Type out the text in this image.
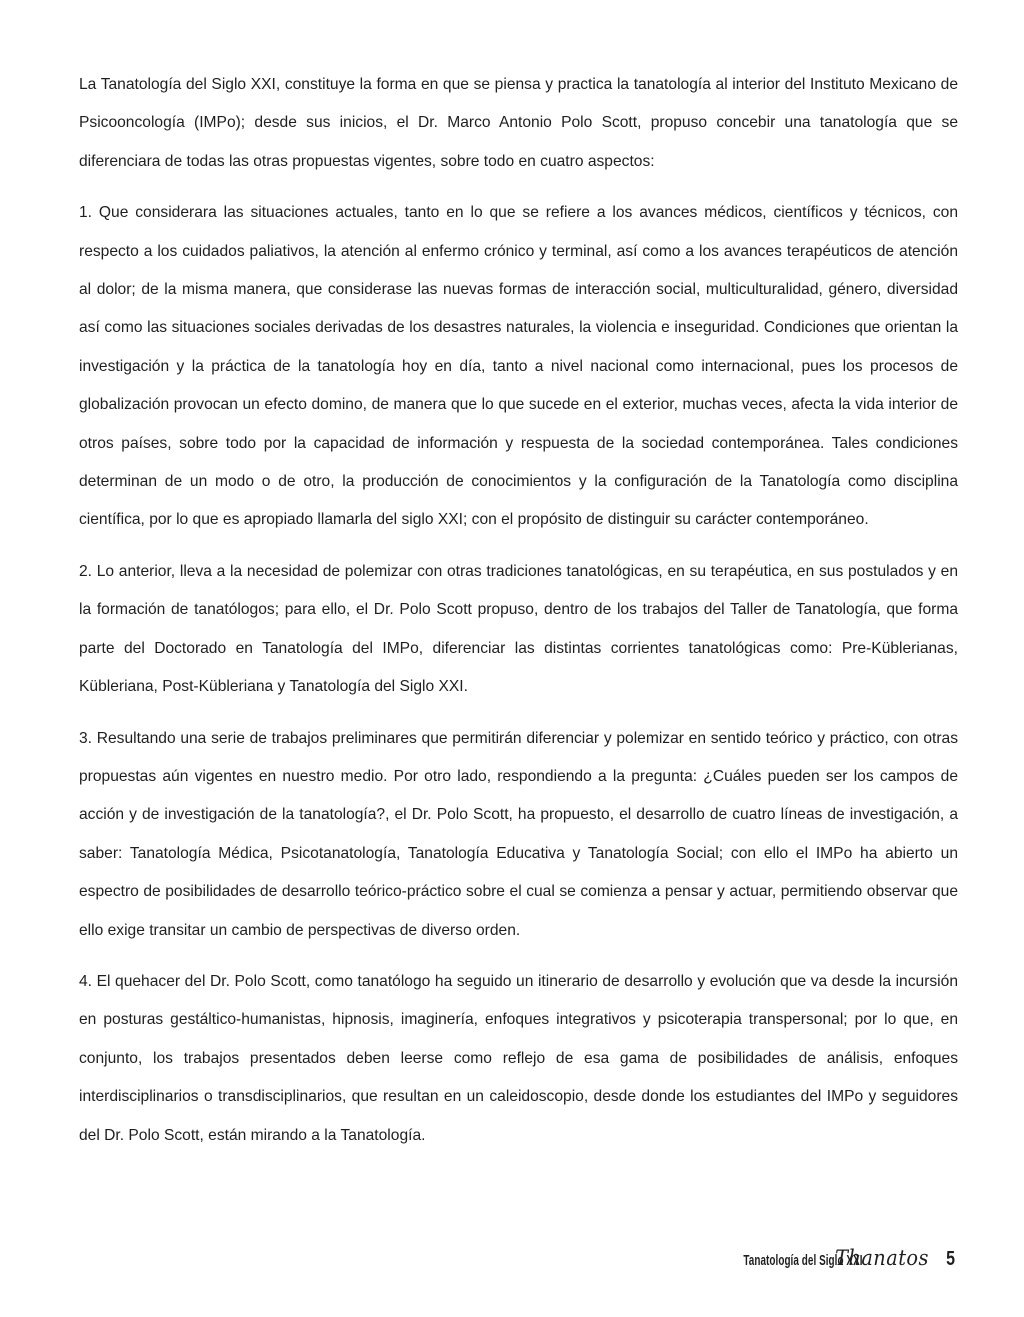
La Tanatología del Siglo XXI, constituye la forma en que se piensa y practica la tanatología al interior del Instituto Mexicano de Psicooncología (IMPo); desde sus inicios, el Dr. Marco Antonio Polo Scott, propuso concebir una tanatología que se diferenciara de todas las otras propuestas vigentes, sobre todo en cuatro aspectos:

1. Que considerara las situaciones actuales, tanto en lo que se refiere a los avances médicos, científicos y técnicos, con respecto a los cuidados paliativos, la atención al enfermo crónico y terminal, así como a los avances terapéuticos de atención al dolor; de la misma manera, que considerase las nuevas formas de interacción social, multiculturalidad, género, diversidad así como las situaciones sociales derivadas de los desastres naturales, la violencia e inseguridad. Condiciones que orientan la investigación y la práctica de la tanatología hoy en día, tanto a nivel nacional como internacional, pues los procesos de globalización provocan un efecto domino, de manera que lo que sucede en el exterior, muchas veces, afecta la vida interior de otros países, sobre todo por la capacidad de información y respuesta de la sociedad contemporánea. Tales condiciones determinan de un modo o de otro, la producción de conocimientos y la configuración de la Tanatología como disciplina científica, por lo que es apropiado llamarla del siglo XXI; con el propósito de distinguir su carácter contemporáneo.

2. Lo anterior, lleva a la necesidad de polemizar con otras tradiciones tanatológicas, en su terapéutica, en sus postulados y en la formación de tanatólogos; para ello, el Dr. Polo Scott propuso, dentro de los trabajos del Taller de Tanatología, que forma parte del Doctorado en Tanatología del IMPo, diferenciar las distintas corrientes tanatológicas como: Pre-Küblerianas, Kübleriana, Post-Kübleriana y Tanatología del Siglo XXI.

3. Resultando una serie de trabajos preliminares que permitirán diferenciar y polemizar en sentido teórico y práctico, con otras propuestas aún vigentes en nuestro medio. Por otro lado, respondiendo a la pregunta: ¿Cuáles pueden ser los campos de acción y de investigación de la tanatología?, el Dr. Polo Scott, ha propuesto, el desarrollo de cuatro líneas de investigación, a saber: Tanatología Médica, Psicotanatología, Tanatología Educativa y Tanatología Social; con ello el IMPo ha abierto un espectro de posibilidades de desarrollo teórico-práctico sobre el cual se comienza a pensar y actuar, permitiendo observar que ello exige transitar un cambio de perspectivas de diverso orden.

4. El quehacer del Dr. Polo Scott, como tanatólogo ha seguido un itinerario de desarrollo y evolución que va desde la incursión en posturas gestáltico-humanistas, hipnosis, imaginería, enfoques integrativos y psicoterapia transpersonal; por lo que, en conjunto, los trabajos presentados deben leerse como reflejo de esa gama de posibilidades de análisis, enfoques interdisciplinarios o transdisciplinarios, que resultan en un caleidoscopio, desde donde los estudiantes del IMPo y seguidores del Dr. Polo Scott, están mirando a la Tanatología.

Tanatología del Siglo XXI
Thanatos 5
